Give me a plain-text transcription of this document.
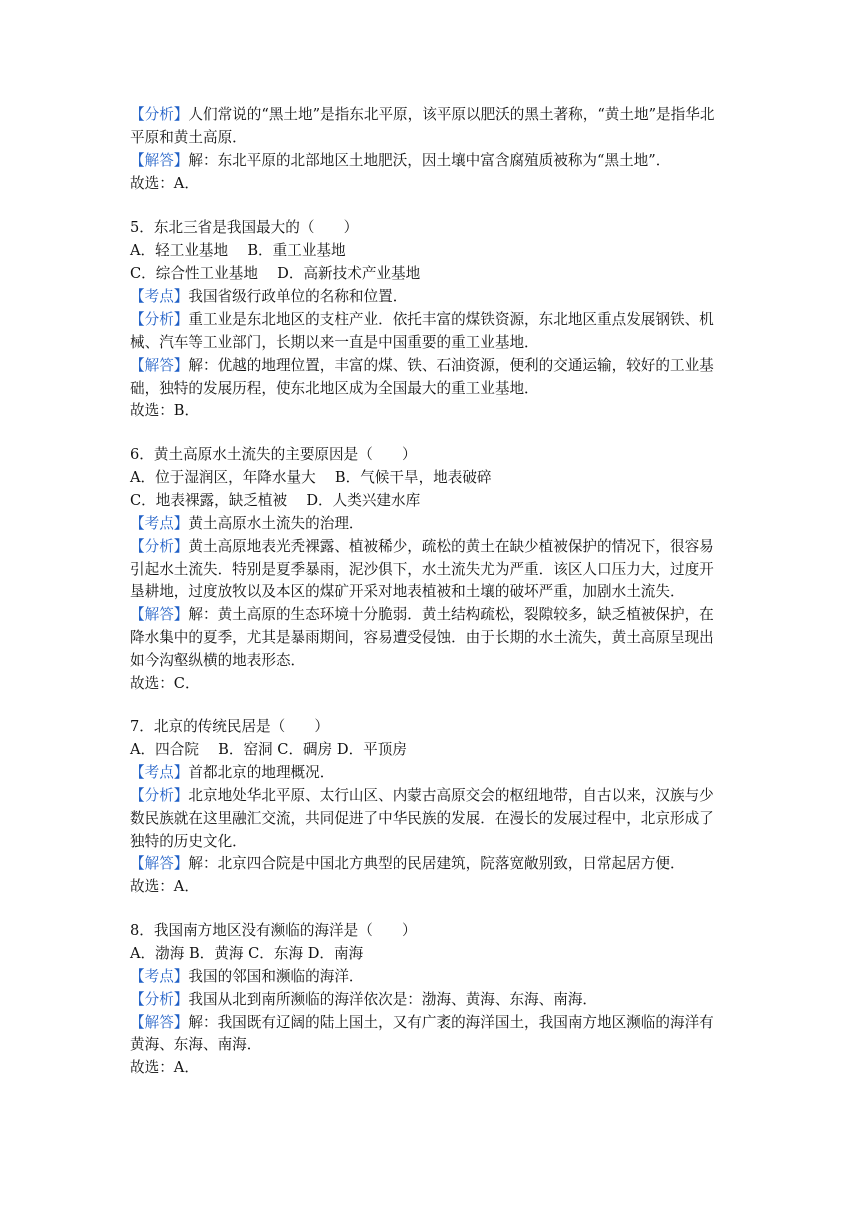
【分析】人们常说的“黑土地”是指东北平原，该平原以肥沃的黑土著称，“黄土地”是指华北
平原和黄土高原．
【解答】解：东北平原的北部地区土地肥沃，因土壤中富含腐殖质被称为“黑土地”．
故选：A．
5．东北三省是我国最大的（　　）
A．轻工业基地　 B．重工业基地
C．综合性工业基地　 D．高新技术产业基地
【考点】我国省级行政单位的名称和位置．
【分析】重工业是东北地区的支柱产业．依托丰富的煤铁资源，东北地区重点发展钢铁、机
械、汽车等工业部门，长期以来一直是中国重要的重工业基地．
【解答】解：优越的地理位置，丰富的煤、铁、石油资源，便利的交通运输，较好的工业基
础，独特的发展历程，使东北地区成为全国最大的重工业基地．
故选：B．
6．黄土高原水土流失的主要原因是（　　）
A．位于湿润区，年降水量大　 B．气候干旱，地表破碎
C．地表裸露，缺乏植被　 D．人类兴建水库
【考点】黄土高原水土流失的治理．
【分析】黄土高原地表光秃裸露、植被稀少，疏松的黄土在缺少植被保护的情况下，很容易
引起水土流失．特别是夏季暴雨，泥沙俱下，水土流失尤为严重．该区人口压力大，过度开
垦耕地，过度放牧以及本区的煤矿开采对地表植被和土壤的破坏严重，加剧水土流失．
【解答】解：黄土高原的生态环境十分脆弱．黄土结构疏松，裂隙较多，缺乏植被保护，在
降水集中的夏季，尤其是暴雨期间，容易遭受侵蚀．由于长期的水土流失，黄土高原呈现出
如今沟壑纵横的地表形态．
故选：C．
7．北京的传统民居是（　　）
A．四合院　 B．窑洞 C．碉房 D．平顶房
【考点】首都北京的地理概况．
【分析】北京地处华北平原、太行山区、内蒙古高原交会的枢纽地带，自古以来，汉族与少
数民族就在这里融汇交流，共同促进了中华民族的发展．在漫长的发展过程中，北京形成了
独特的历史文化．
【解答】解：北京四合院是中国北方典型的民居建筑，院落宽敞别致，日常起居方便．
故选：A．
8．我国南方地区没有濒临的海洋是（　　）
A．渤海 B．黄海 C．东海 D．南海
【考点】我国的邻国和濒临的海洋．
【分析】我国从北到南所濒临的海洋依次是：渤海、黄海、东海、南海．
【解答】解：我国既有辽阔的陆上国土，又有广袤的海洋国土，我国南方地区濒临的海洋有
黄海、东海、南海．
故选：A．
